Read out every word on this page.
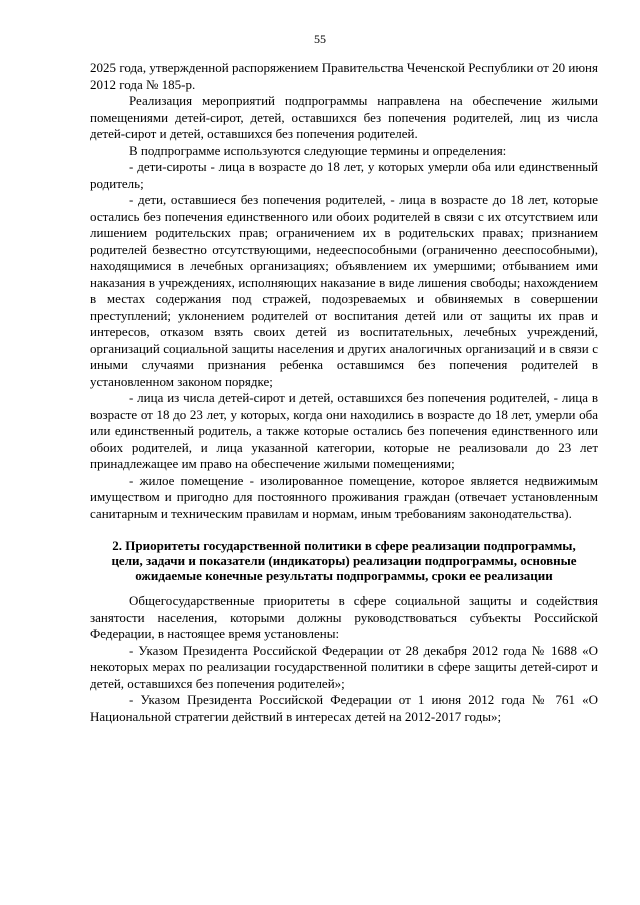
55

2025 года, утвержденной распоряжением Правительства Чеченской Республики от 20 июня 2012 года № 185-р.

Реализация мероприятий подпрограммы направлена на обеспечение жилыми помещениями детей-сирот, детей, оставшихся без попечения родителей, лиц из числа детей-сирот и детей, оставшихся без попечения родителей.

В подпрограмме используются следующие термины и определения:

- дети-сироты - лица в возрасте до 18 лет, у которых умерли оба или единственный родитель;

- дети, оставшиеся без попечения родителей, - лица в возрасте до 18 лет, которые остались без попечения единственного или обоих родителей в связи с их отсутствием или лишением родительских прав; ограничением их в родительских правах; признанием родителей безвестно отсутствующими, недееспособными (ограниченно дееспособными), находящимися в лечебных организациях; объявлением их умершими; отбыванием ими наказания в учреждениях, исполняющих наказание в виде лишения свободы; нахождением в местах содержания под стражей, подозреваемых и обвиняемых в совершении преступлений; уклонением родителей от воспитания детей или от защиты их прав и интересов, отказом взять своих детей из воспитательных, лечебных учреждений, организаций социальной защиты населения и других аналогичных организаций и в связи с иными случаями признания ребенка оставшимся без попечения родителей в установленном законом порядке;

- лица из числа детей-сирот и детей, оставшихся без попечения родителей, - лица в возрасте от 18 до 23 лет, у которых, когда они находились в возрасте до 18 лет, умерли оба или единственный родитель, а также которые остались без попечения единственного или обоих родителей, и лица указанной категории, которые не реализовали до 23 лет принадлежащее им право на обеспечение жилыми помещениями;

- жилое помещение - изолированное помещение, которое является недвижимым имуществом и пригодно для постоянного проживания граждан (отвечает установленным санитарным и техническим правилам и нормам, иным требованиям законодательства).

2. Приоритеты государственной политики в сфере реализации подпрограммы, цели, задачи и показатели (индикаторы) реализации подпрограммы, основные ожидаемые конечные результаты подпрограммы, сроки ее реализации

Общегосударственные приоритеты в сфере социальной защиты и содействия занятости населения, которыми должны руководствоваться субъекты Российской Федерации, в настоящее время установлены:

- Указом Президента Российской Федерации от 28 декабря 2012 года № 1688 «О некоторых мерах по реализации государственной политики в сфере защиты детей-сирот и детей, оставшихся без попечения родителей»;

- Указом Президента Российской Федерации от 1 июня 2012 года № 761 «О Национальной стратегии действий в интересах детей на 2012-2017 годы»;
